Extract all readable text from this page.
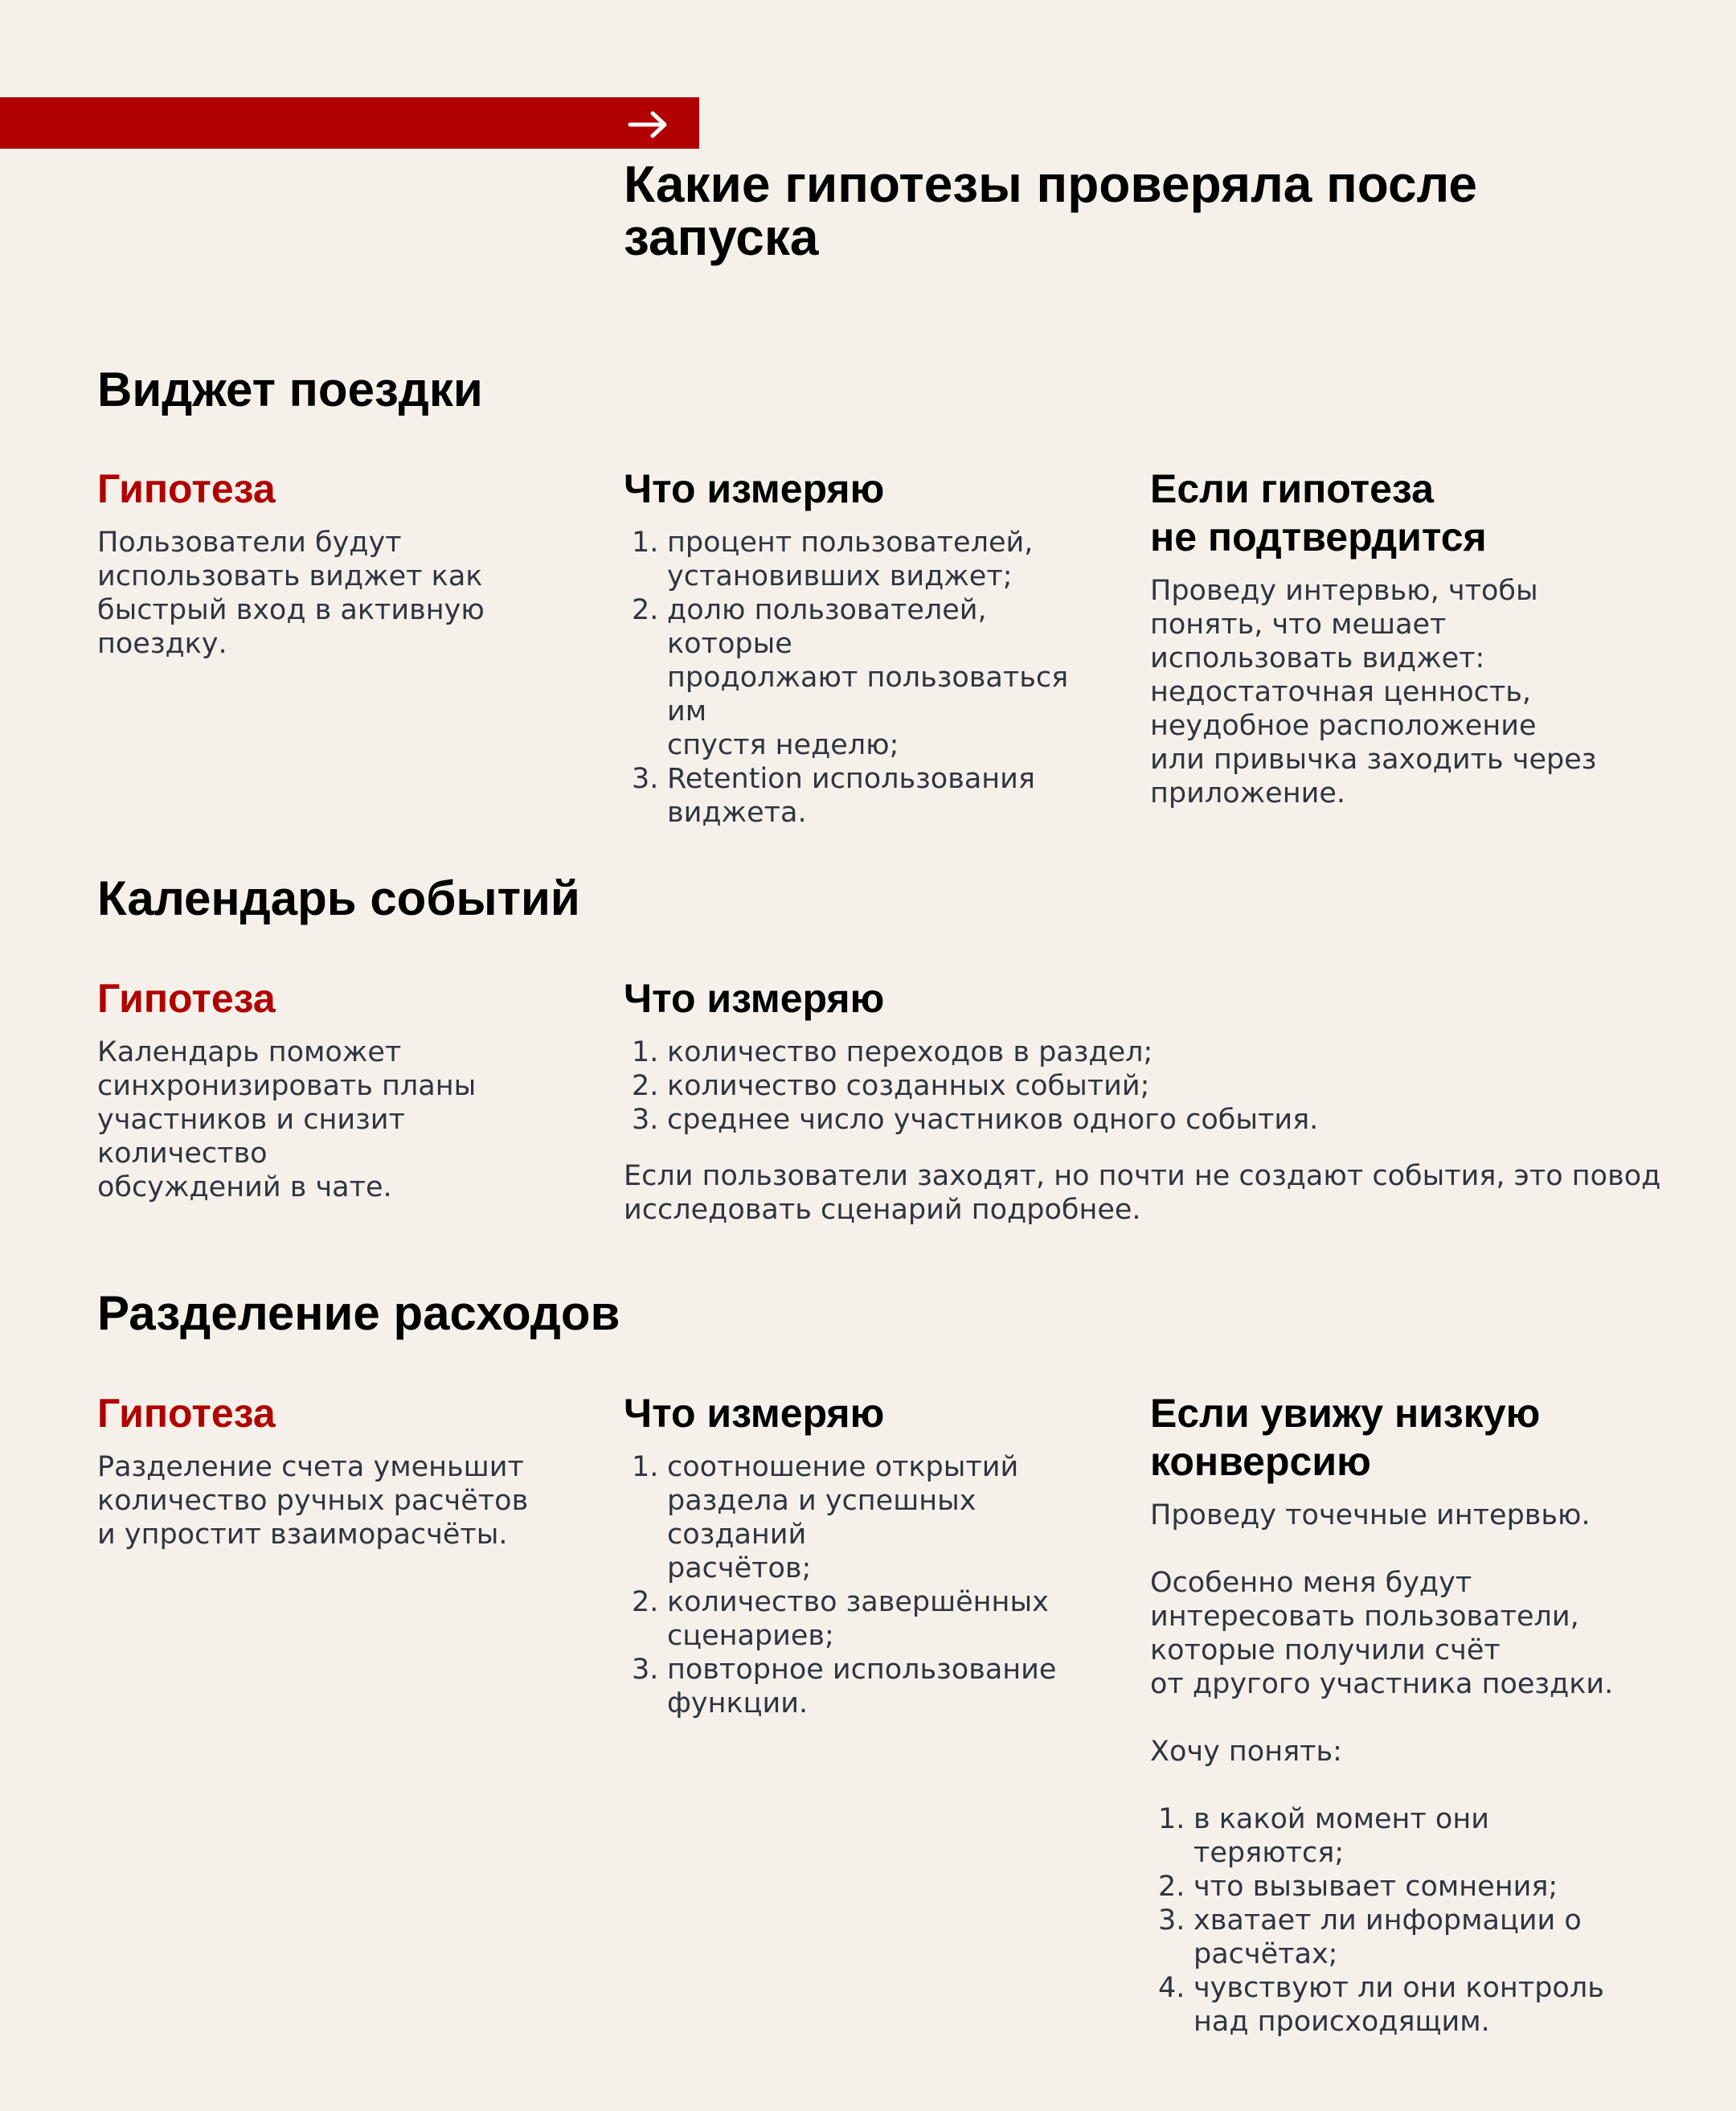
Какие гипотезы проверяла после
запуска
Виджет поездки
Гипотеза

Пользователи будут
использовать виджет как
быстрый вход в активную
поездку.

Что измеряю
1. процент пользователей,
установивших виджет;
2. долю пользователей, которые
продолжают пользоваться им
спустя неделю;
3. Retention использования
виджета.
Если гипотеза
не подтвердится

Проведу интервью, чтобы
понять, что мешает
использовать виджет:
недостаточная ценность,
неудобное расположение
или привычка заходить через
приложение.

Календарь событий
Гипотеза

Календарь поможет
синхронизировать планы
участников и снизит количество
обсуждений в чате.

Что измеряю
1. количество переходов в раздел;
2. количество созданных событий;
3. среднее число участников одного события.

Если пользователи заходят, но почти не создают события, это повод
исследовать сценарий подробнее.

Разделение расходов
Гипотеза

Разделение счета уменьшит
количество ручных расчётов
и упростит взаиморасчёты.

Что измеряю
1. соотношение открытий
раздела и успешных созданий
расчётов;
2. количество завершённых
сценариев;
3. повторное использование
функции.
Если увижу низкую
конверсию

Проведу точечные интервью.

Особенно меня будут
интересовать пользователи,
которые получили счёт
от другого участника поездки.

Хочу понять:

1. в какой момент они теряются;
2. что вызывает сомнения;
3. хватает ли информации о
расчётах;
4. чувствуют ли они контроль
над происходящим.
